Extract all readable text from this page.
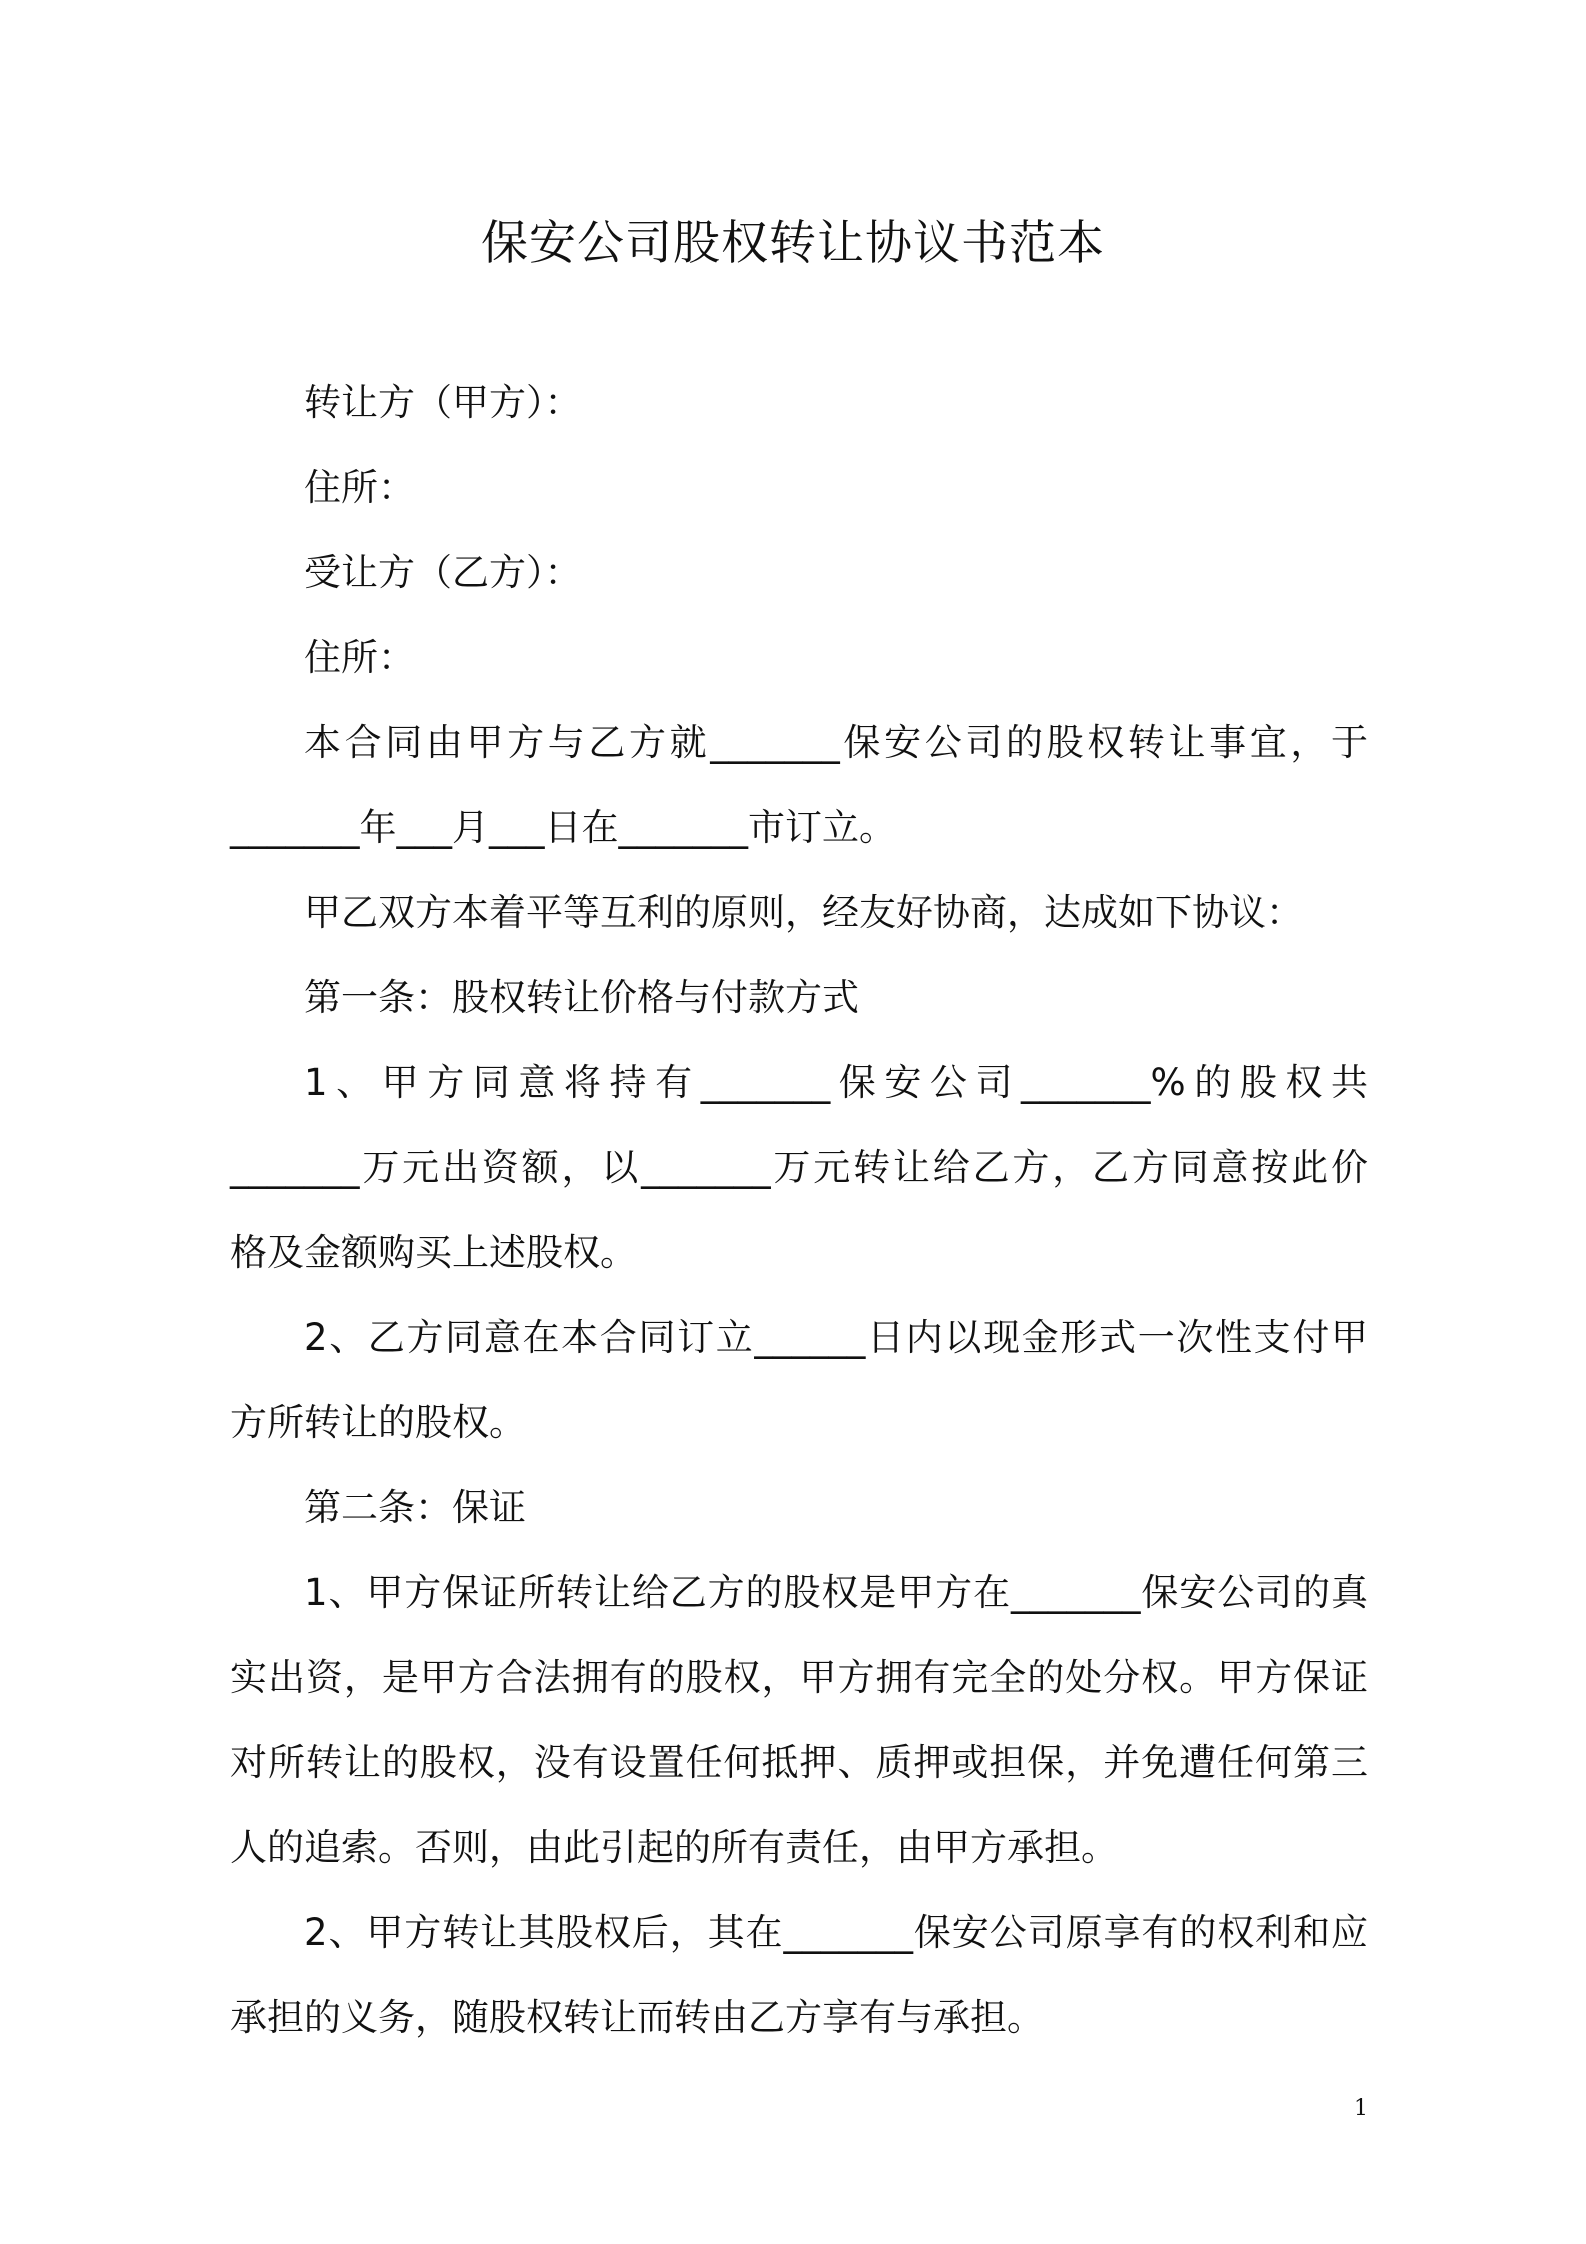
保安公司股权转让协议书范本
转让方（甲方）：
住所：
受让方（乙方）：
住所：
本合同由甲方与乙方就_______保安公司的股权转让事宜，于
_______年___月___日在_______市订立。
甲乙双方本着平等互利的原则，经友好协商，达成如下协议：
第一条：股权转让价格与付款方式
1、甲方同意将持有_______保安公司_______%的股权共
_______万元出资额，以_______万元转让给乙方，乙方同意按此价
格及金额购买上述股权。
2、乙方同意在本合同订立______日内以现金形式一次性支付甲
方所转让的股权。
第二条：保证
1、甲方保证所转让给乙方的股权是甲方在_______保安公司的真
实出资，是甲方合法拥有的股权，甲方拥有完全的处分权。甲方保证
对所转让的股权，没有设置任何抵押、质押或担保，并免遭任何第三
人的追索。否则，由此引起的所有责任，由甲方承担。
2、甲方转让其股权后，其在_______保安公司原享有的权利和应
承担的义务，随股权转让而转由乙方享有与承担。
1
